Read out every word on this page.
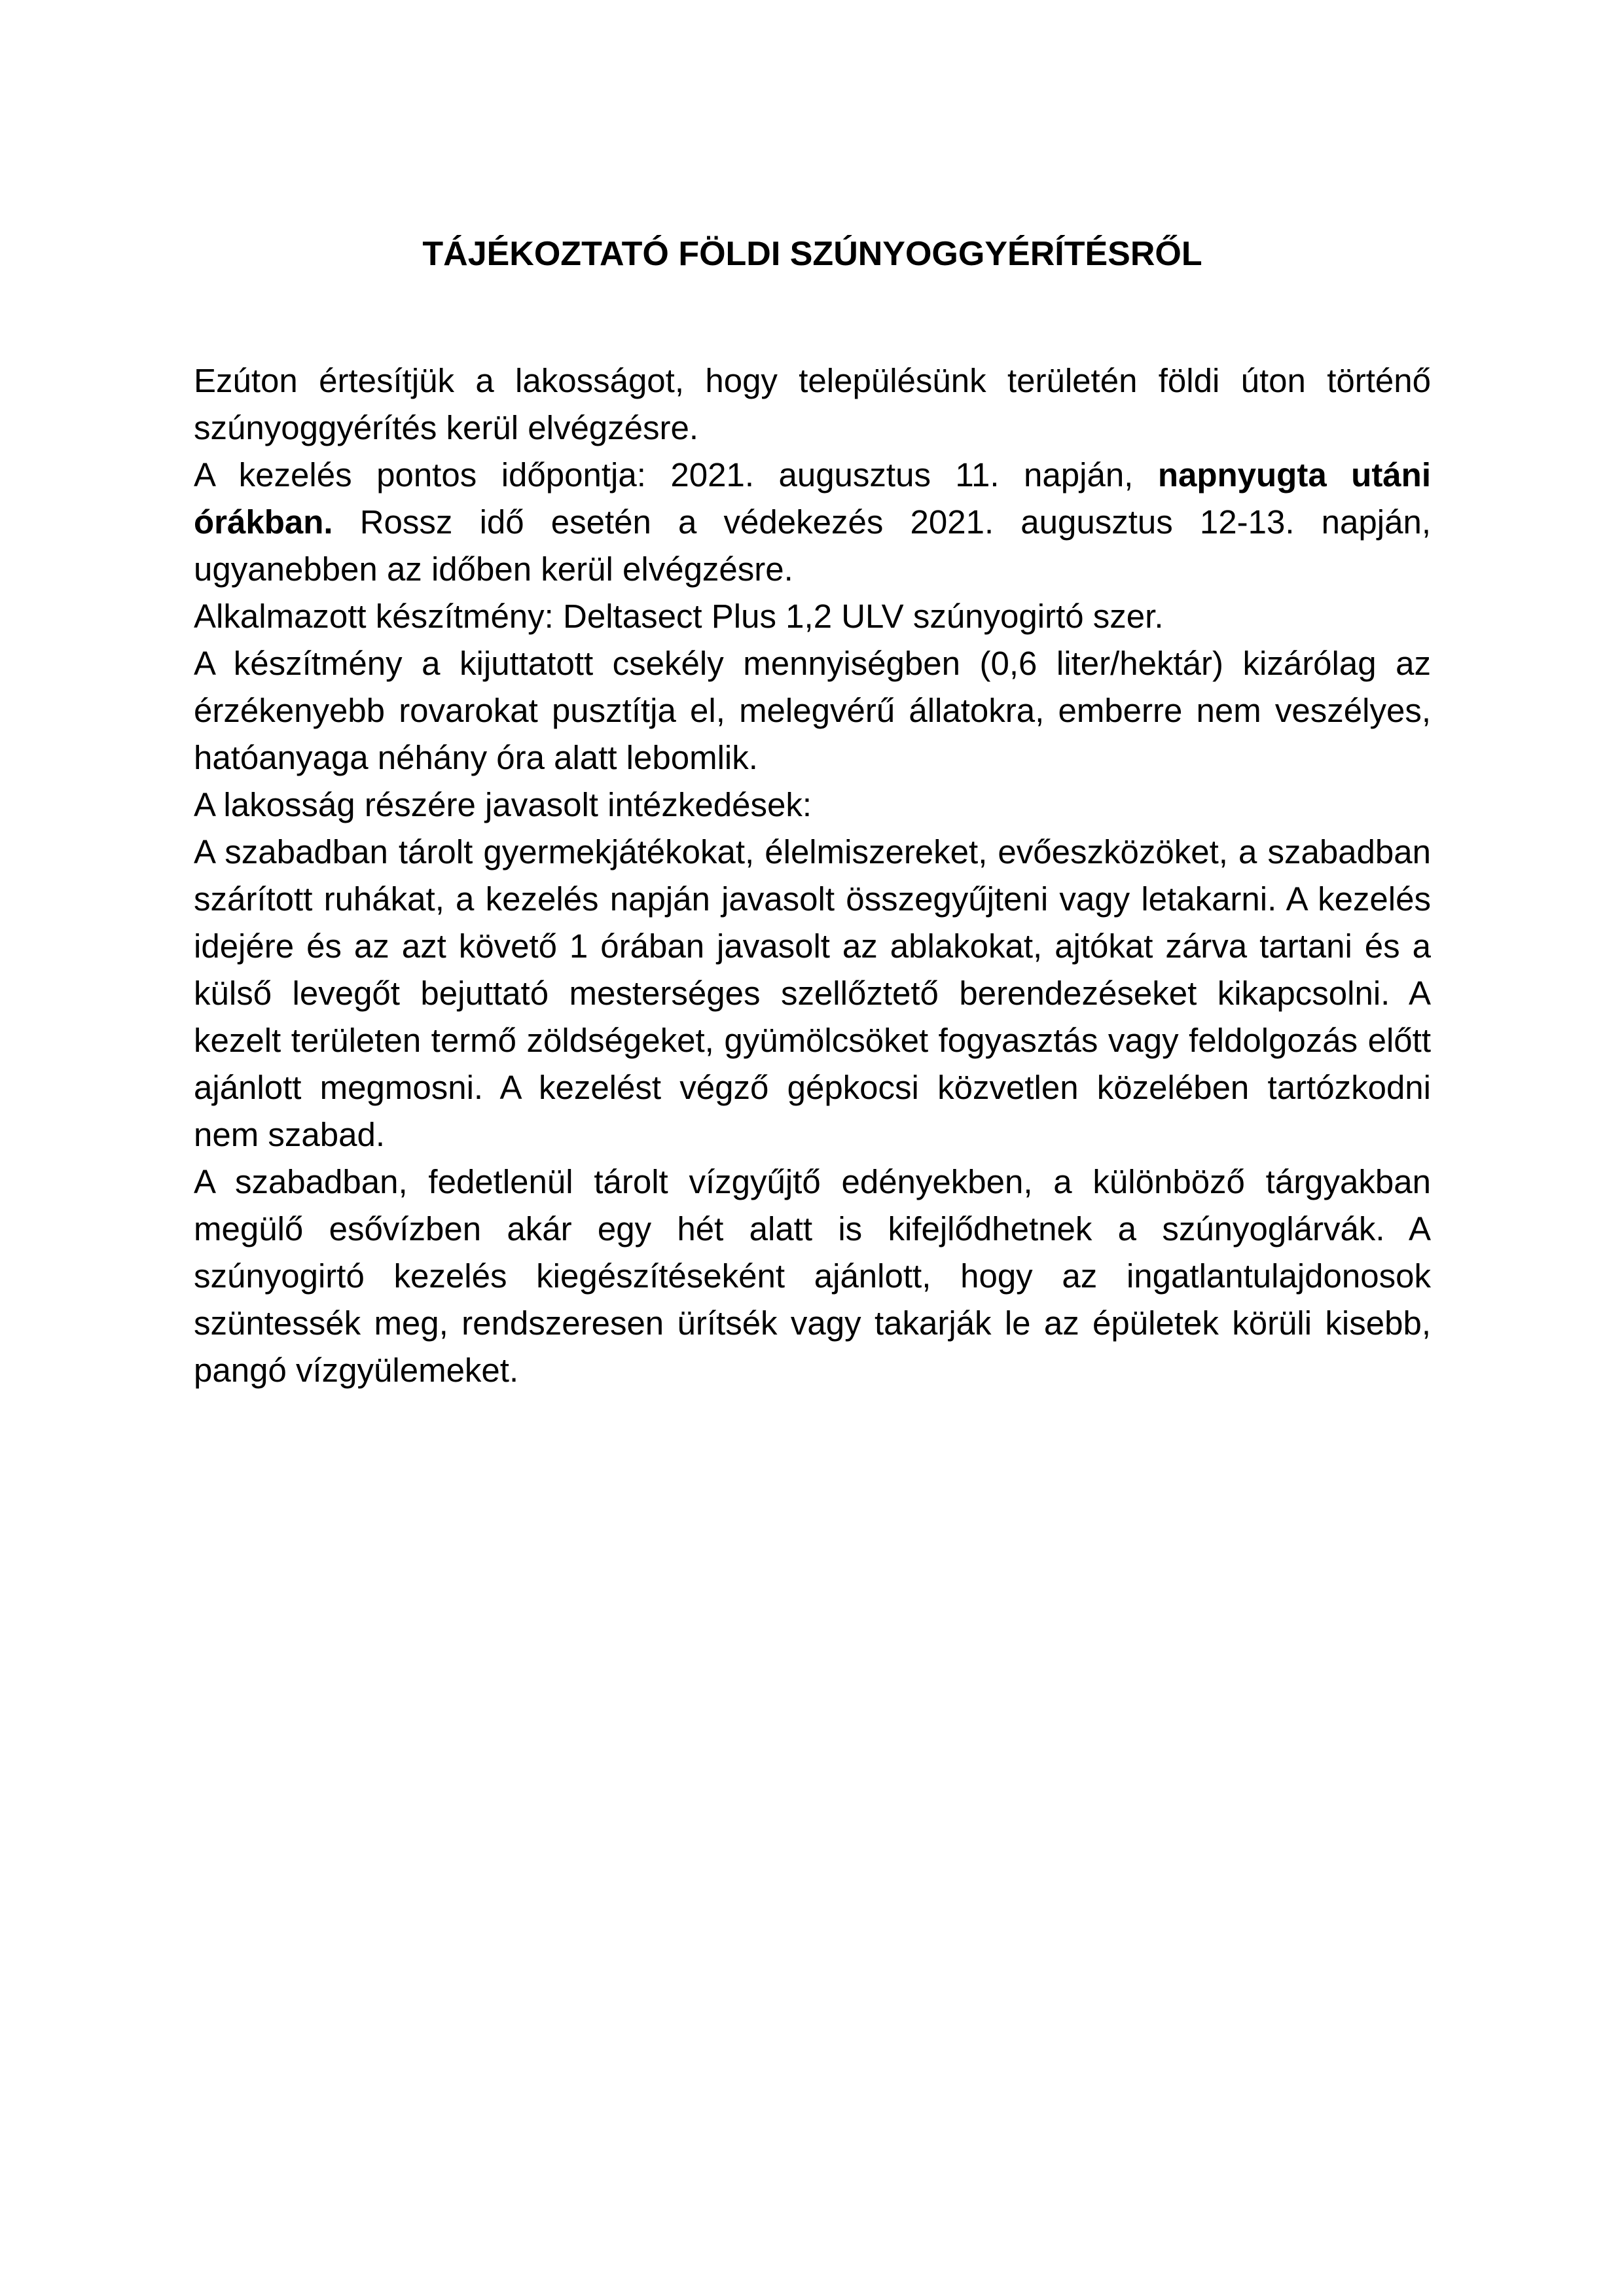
TÁJÉKOZTATÓ FÖLDI SZÚNYOGGYÉRÍTÉSRŐL

Ezúton értesítjük a lakosságot, hogy településünk területén földi úton történő szúnyoggyérítés kerül elvégzésre.

A kezelés pontos időpontja: 2021. augusztus 11. napján, napnyugta utáni órákban. Rossz idő esetén a védekezés 2021. augusztus 12-13. napján, ugyanebben az időben kerül elvégzésre.

Alkalmazott készítmény: Deltasect Plus 1,2 ULV szúnyogirtó szer.

A készítmény a kijuttatott csekély mennyiségben (0,6 liter/hektár) kizárólag az érzékenyebb rovarokat pusztítja el, melegvérű állatokra, emberre nem veszélyes, hatóanyaga néhány óra alatt lebomlik.

A lakosság részére javasolt intézkedések:

A szabadban tárolt gyermekjátékokat, élelmiszereket, evőeszközöket, a szabadban szárított ruhákat, a kezelés napján javasolt összegyűjteni vagy letakarni. A kezelés idejére és az azt követő 1 órában javasolt az ablakokat, ajtókat zárva tartani és a külső levegőt bejuttató mesterséges szellőztető berendezéseket kikapcsolni. A kezelt területen termő zöldségeket, gyümölcsöket fogyasztás vagy feldolgozás előtt ajánlott megmosni. A kezelést végző gépkocsi közvetlen közelében tartózkodni nem szabad.

A szabadban, fedetlenül tárolt vízgyűjtő edényekben, a különböző tárgyakban megülő esővízben akár egy hét alatt is kifejlődhetnek a szúnyoglárvák. A szúnyogirtó kezelés kiegészítéseként ajánlott, hogy az ingatlantulajdonosok szüntessék meg, rendszeresen ürítsék vagy takarják le az épületek körüli kisebb, pangó vízgyülemeket.
